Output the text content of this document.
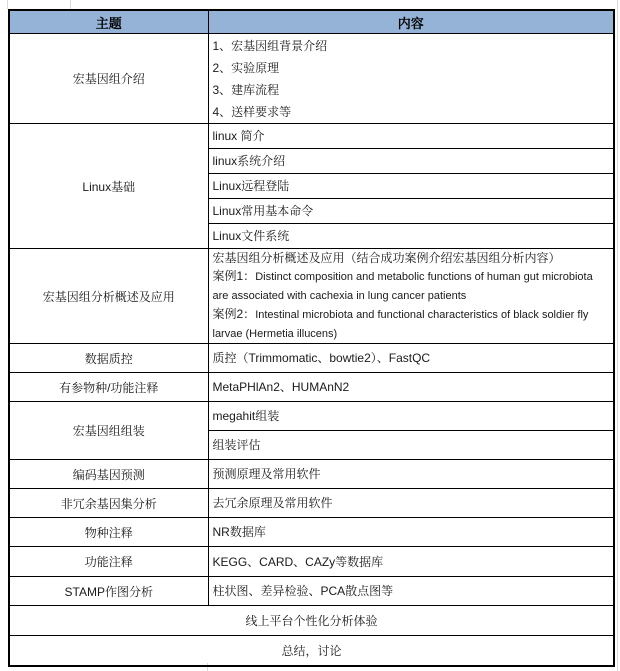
主题	内容
宏基因组介绍	1、宏基因组背景介绍
2、实验原理
3、建库流程
4、送样要求等

Linux基础	linux 简介

	linux系统介绍

	Linux远程登陆

	Linux常用基本命令

	Linux文件系统

宏基因组分析概述及应用	宏基因组分析概述及应用（结合成功案例介绍宏基因组分析内容）
案例1：Distinct composition and metabolic functions of human gut microbiota are associated with cachexia in lung cancer patients
案例2：Intestinal microbiota and functional characteristics of black soldier fly larvae (Hermetia illucens)

数据质控	质控（Trimmomatic、bowtie2）、FastQC

有参物种/功能注释	MetaPHlAn2、HUMAnN2

宏基因组组装	megahit组装

	组装评估

编码基因预测	预测原理及常用软件

非冗余基因集分析	去冗余原理及常用软件

物种注释	NR数据库

功能注释	KEGG、CARD、CAZy等数据库

STAMP作图分析	柱状图、差异检验、PCA散点图等

线上平台个性化分析体验	
总结，讨论	
